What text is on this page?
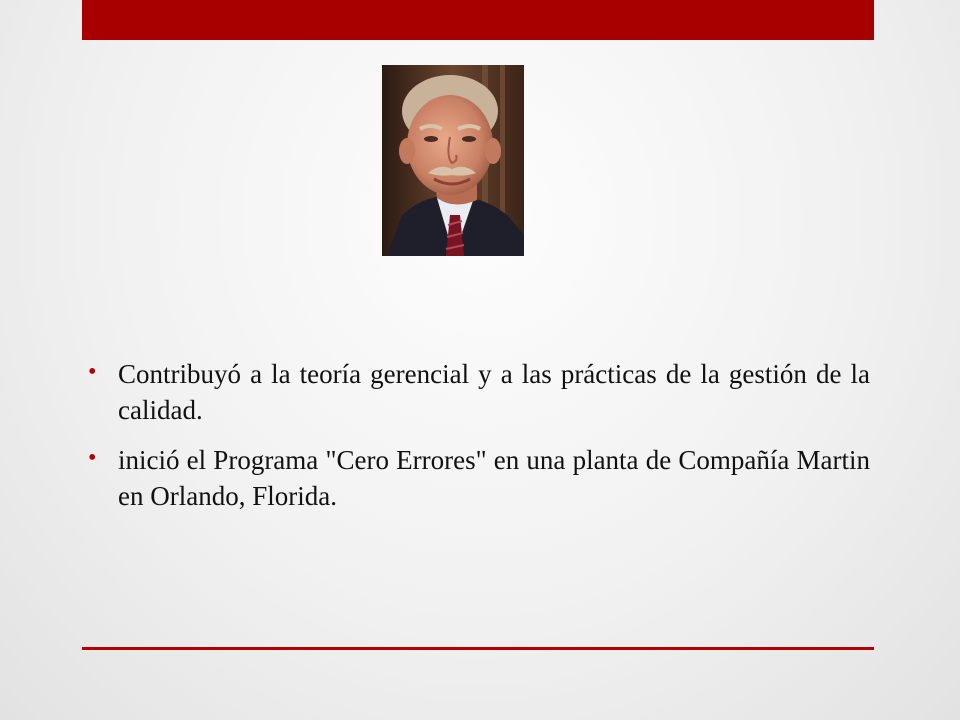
• Contribuyó a la teoría gerencial y a las prácticas de la gestión de la calidad.
• inició el Programa "Cero Errores" en una planta de Compañía Martin en Orlando, Florida.
